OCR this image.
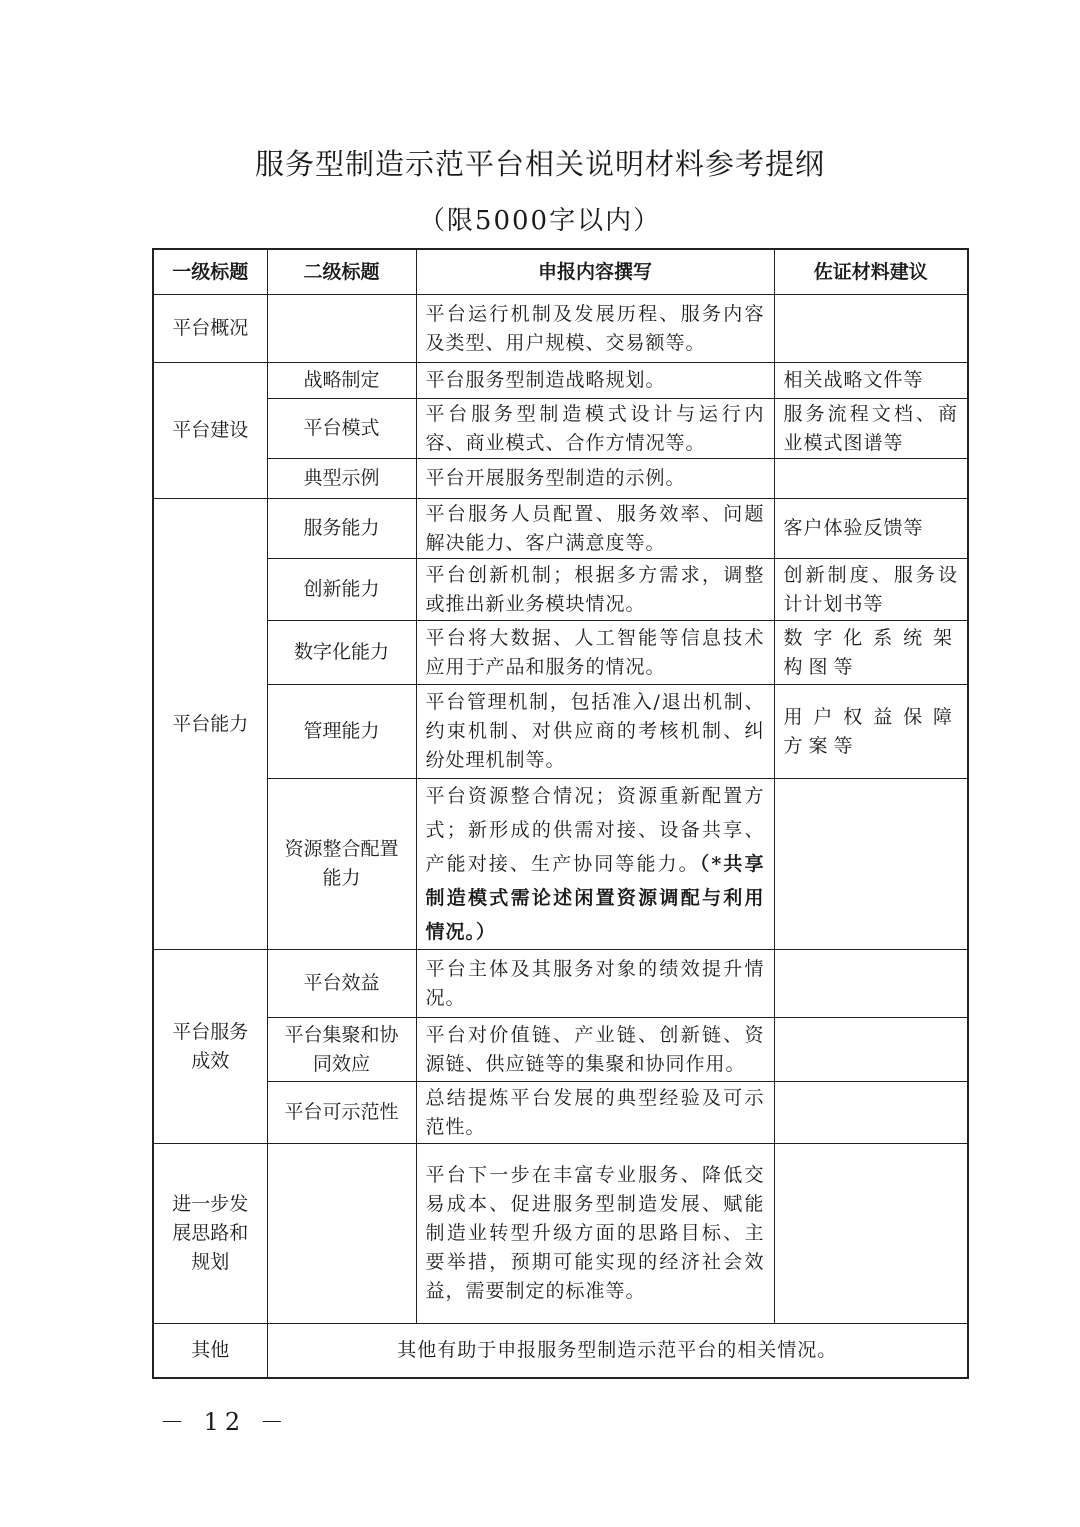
服务型制造示范平台相关说明材料参考提纲
（限5000字以内）
一级标题	二级标题	申报内容撰写	佐证材料建议
平台概况		平台运行机制及发展历程、服务内容及类型、用户规模、交易额等。	
平台建设	战略制定	平台服务型制造战略规划。	相关战略文件等
	平台模式	平台服务型制造模式设计与运行内容、商业模式、合作方情况等。	服务流程文档、商业模式图谱等
	典型示例	平台开展服务型制造的示例。	
平台能力	服务能力	平台服务人员配置、服务效率、问题解决能力、客户满意度等。	客户体验反馈等
	创新能力	平台创新机制；根据多方需求，调整或推出新业务模块情况。	创新制度、服务设计计划书等
	数字化能力	平台将大数据、人工智能等信息技术应用于产品和服务的情况。	数字化系统架构图等
	管理能力	平台管理机制，包括准入/退出机制、约束机制、对供应商的考核机制、纠纷处理机制等。	用户权益保障方案等
	资源整合配置能力	平台资源整合情况；资源重新配置方式；新形成的供需对接、设备共享、产能对接、生产协同等能力。（*共享制造模式需论述闲置资源调配与利用情况。）	
平台服务成效	平台效益	平台主体及其服务对象的绩效提升情况。	
	平台集聚和协同效应	平台对价值链、产业链、创新链、资源链、供应链等的集聚和协同作用。	
	平台可示范性	总结提炼平台发展的典型经验及可示范性。	
进一步发展思路和规划		平台下一步在丰富专业服务、降低交易成本、促进服务型制造发展、赋能制造业转型升级方面的思路目标、主要举措，预期可能实现的经济社会效益，需要制定的标准等。	
其他	其他有助于申报服务型制造示范平台的相关情况。		
－ 12 －
